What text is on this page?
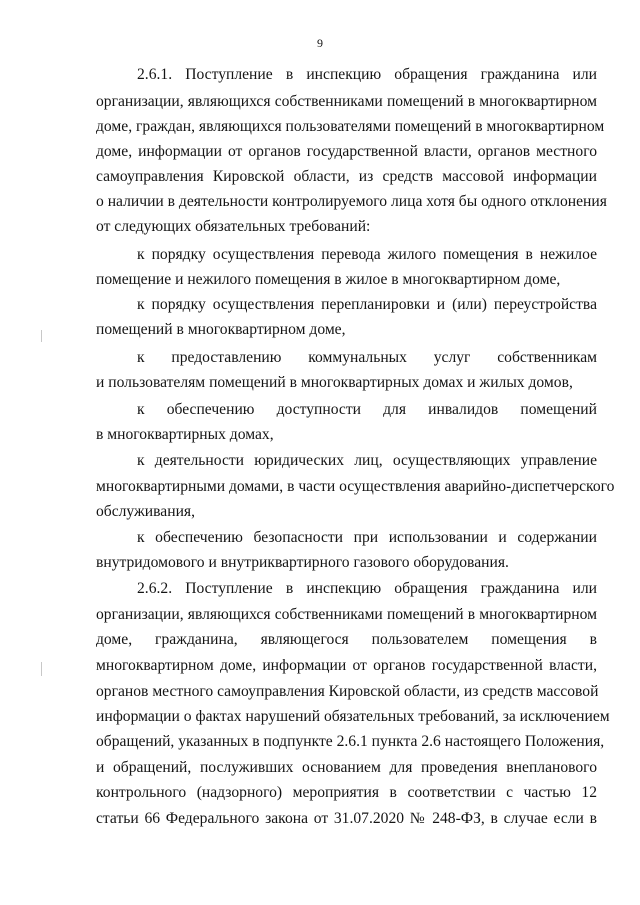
9
2.6.1. Поступление в инспекцию обращения гражданина или
организации, являющихся собственниками помещений в многоквартирном
доме, граждан, являющихся пользователями помещений в многоквартирном
доме, информации от органов государственной власти, органов местного
самоуправления Кировской области, из средств массовой информации
о наличии в деятельности контролируемого лица хотя бы одного отклонения
от следующих обязательных требований:
к порядку осуществления перевода жилого помещения в нежилое
помещение и нежилого помещения в жилое в многоквартирном доме,
к порядку осуществления перепланировки и (или) переустройства
помещений в многоквартирном доме,
к предоставлению коммунальных услуг собственникам
и пользователям помещений в многоквартирных домах и жилых домов,
к обеспечению доступности для инвалидов помещений
в многоквартирных домах,
к деятельности юридических лиц, осуществляющих управление
многоквартирными домами, в части осуществления аварийно-диспетчерского
обслуживания,
к обеспечению безопасности при использовании и содержании
внутридомового и внутриквартирного газового оборудования.
2.6.2. Поступление в инспекцию обращения гражданина или
организации, являющихся собственниками помещений в многоквартирном
доме, гражданина, являющегося пользователем помещения в
многоквартирном доме, информации от органов государственной власти,
органов местного самоуправления Кировской области, из средств массовой
информации о фактах нарушений обязательных требований, за исключением
обращений, указанных в подпункте 2.6.1 пункта 2.6 настоящего Положения,
и обращений, послуживших основанием для проведения внепланового
контрольного (надзорного) мероприятия в соответствии с частью 12
статьи 66 Федерального закона от 31.07.2020 № 248-ФЗ, в случае если в
